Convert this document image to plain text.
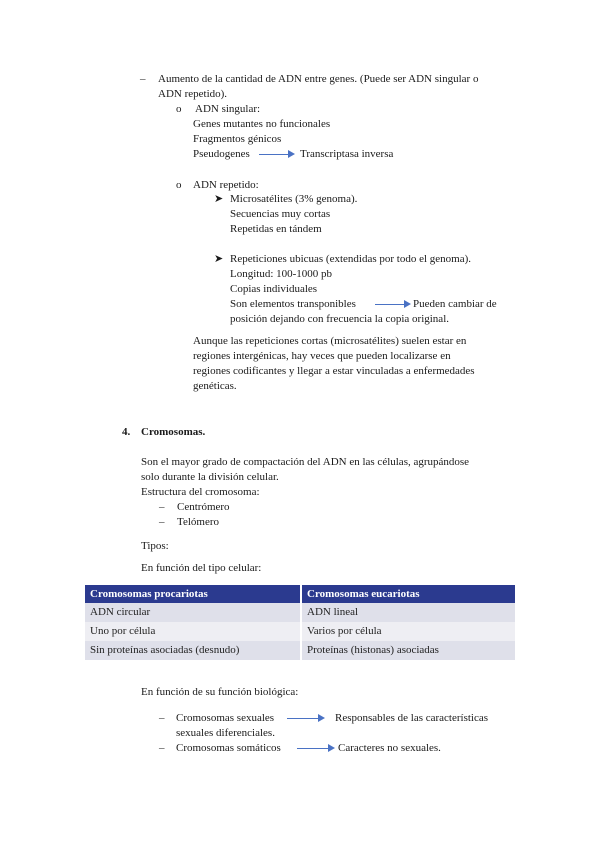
– Aumento de la cantidad de ADN entre genes. (Puede ser ADN singular o
ADN repetido).
o ADN singular:
Genes mutantes no funcionales
Fragmentos génicos
Pseudogenes	Transcriptasa inversa
o ADN repetido:
➤ Microsatélites (3% genoma).
Secuencias muy cortas
Repetidas en tándem
➤ Repeticiones ubicuas (extendidas por todo el genoma).
Longitud: 100-1000 pb
Copias individuales
Son elementos transponibles	Pueden cambiar de
posición dejando con frecuencia la copia original.
Aunque las repeticiones cortas (microsatélites) suelen estar en
regiones intergénicas, hay veces que pueden localizarse en
regiones codificantes y llegar a estar vinculadas a enfermedades
genéticas.
4. Cromosomas.
Son el mayor grado de compactación del ADN en las células, agrupándose
solo durante la división celular.
Estructura del cromosoma:
– Centrómero
– Telómero
Tipos:
En función del tipo celular:
Cromosomas procariotas	Cromosomas eucariotas
ADN circular	ADN lineal
Uno por célula	Varios por célula
Sin proteínas asociadas (desnudo)	Proteínas (histonas) asociadas
En función de su función biológica:
– Cromosomas sexuales	Responsables de las características
sexuales diferenciales.
– Cromosomas somáticos	Caracteres no sexuales.
